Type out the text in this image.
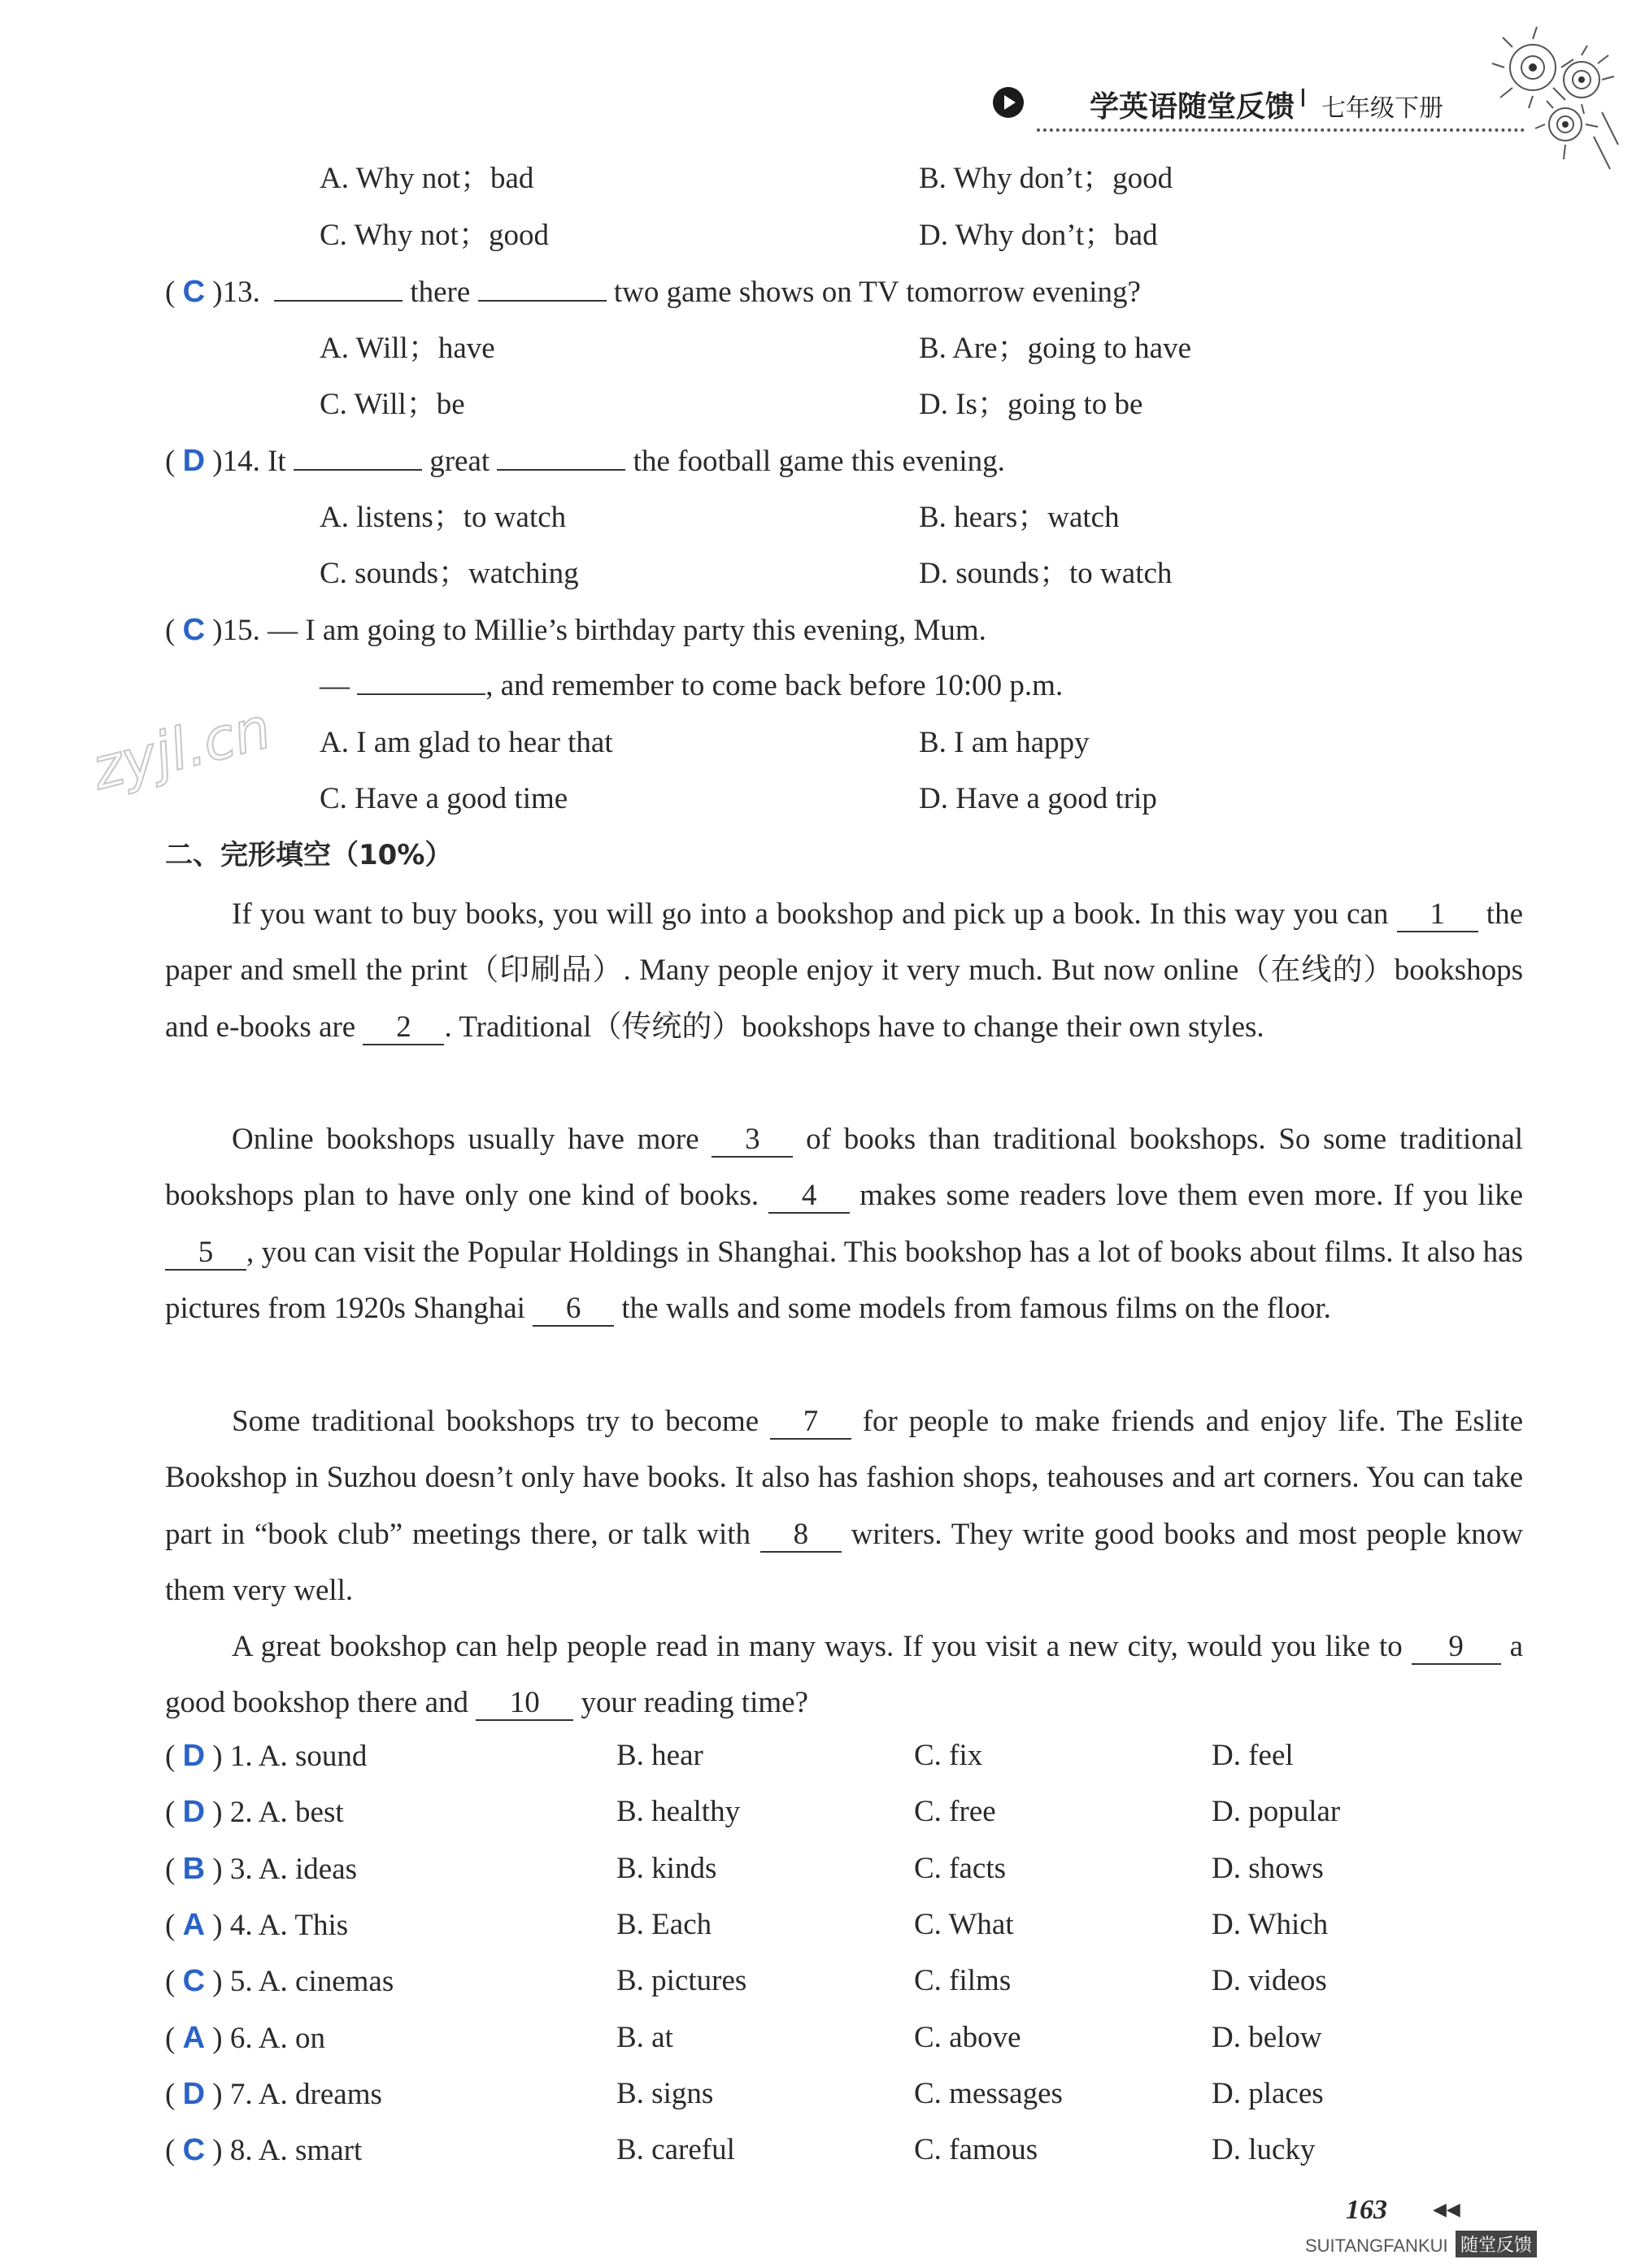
学英语随堂反馈 I 七年级下册
zyjl.cn
A. Why not；bad	B. Why don’t；good
C. Why not；good	D. Why don’t；bad
( C )13.	there	two game shows on TV tomorrow evening?
A. Will；have	B. Are；going to have
C. Will；be	D. Is；going to be
( D )14. It	great	the football game this evening.
A. listens；to watch	B. hears；watch
C. sounds；watching	D. sounds；to watch
( C )15. — I am going to Millie’s birthday party this evening, Mum.
—	, and remember to come back before 10:00 p.m.
A. I am glad to hear that	B. I am happy
C. Have a good time	D. Have a good trip
二、完形填空（10%）
If you want to buy books, you will go into a bookshop and pick up a book. In this way you can 1 the paper and smell the print（印刷品）. Many people enjoy it very much. But now online（在线的）bookshops and e-books are 2 . Traditional（传统的）bookshops have to change their own styles.
Online bookshops usually have more 3 of books than traditional bookshops. So some traditional bookshops plan to have only one kind of books. 4 makes some readers love them even more. If you like 5 , you can visit the Popular Holdings in Shanghai. This bookshop has a lot of books about films. It also has pictures from 1920s Shanghai 6 the walls and some models from famous films on the floor.
Some traditional bookshops try to become 7 for people to make friends and enjoy life. The Eslite Bookshop in Suzhou doesn’t only have books. It also has fashion shops, teahouses and art corners. You can take part in “book club” meetings there, or talk with 8 writers. They write good books and most people know them very well.
A great bookshop can help people read in many ways. If you visit a new city, would you like to 9 a good bookshop there and 10 your reading time?
( D ) 1. A. sound	B. hear	C. fix	D. feel
( D ) 2. A. best	B. healthy	C. free	D. popular
( B ) 3. A. ideas	B. kinds	C. facts	D. shows
( A ) 4. A. This	B. Each	C. What	D. Which
( C ) 5. A. cinemas	B. pictures	C. films	D. videos
( A ) 6. A. on	B. at	C. above	D. below
( D ) 7. A. dreams	B. signs	C. messages	D. places
( C ) 8. A. smart	B. careful	C. famous	D. lucky
163	◀◀
SUITANGFANKUI 随堂反馈
